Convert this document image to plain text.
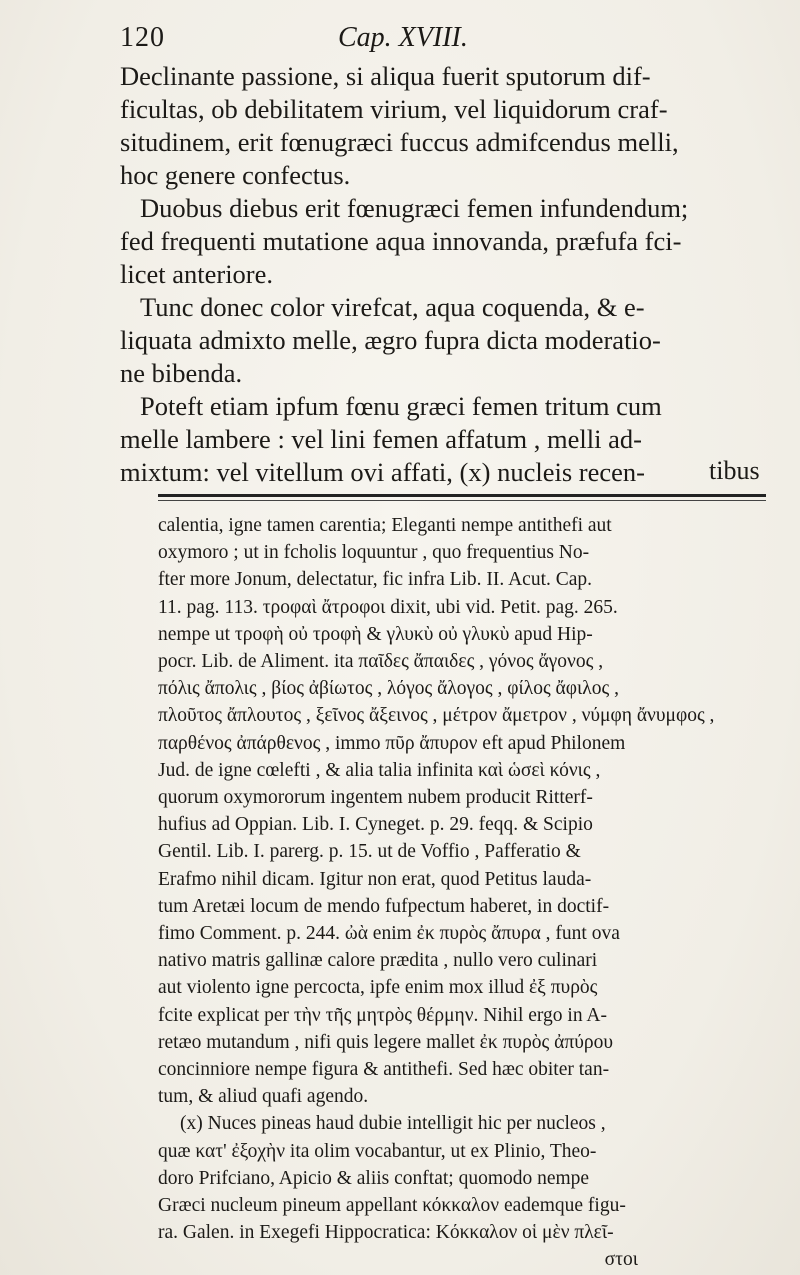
120	Cap. XVIII.
Declinante passione, si aliqua fuerit sputorum dif-
ficultas, ob debilitatem virium, vel liquidorum craf-
situdinem, erit fœnugræci fuccus admifcendus melli,
hoc genere confectus.
Duobus diebus erit fœnugræci femen infundendum;
fed frequenti mutatione aqua innovanda, præfufa fci-
licet anteriore.
Tunc donec color virefcat, aqua coquenda, & e-
liquata admixto melle, ægro fupra dicta moderatio-
ne bibenda.
Poteft etiam ipfum fœnu græci femen tritum cum
melle lambere : vel lini femen affatum , melli ad-
mixtum: vel vitellum ovi affati, (x) nucleis recen-	tibus
calentia, igne tamen carentia; Eleganti nempe antithefi aut
oxymoro ; ut in fcholis loquuntur , quo frequentius No-
fter more Jonum, delectatur, fic infra Lib. II. Acut. Cap.
11. pag. 113. τροφαὶ ἄτροφοι dixit, ubi vid. Petit. pag. 265.
nempe ut τροφὴ οὐ τροφὴ & γλυκὺ οὐ γλυκὺ apud Hip-
pocr. Lib. de Aliment. ita παῖδες ἄπαιδες , γόνος ἄγονος ,
πόλις ἄπολις , βίος ἀβίωτος , λόγος ἄλογος , φίλος ἄφιλος ,
πλοῦτος ἄπλουτος , ξεῖνος ἄξεινος , μέτρον ἄμετρον , νύμφη ἄνυμφος ,
παρθένος ἀπάρθενος , immo πῦρ ἄπυρον eft apud Philonem
Jud. de igne cœlefti , & alia talia infinita καὶ ὡσεὶ κόνις ,
quorum oxymororum ingentem nubem producit Ritterf-
hufius ad Oppian. Lib. I. Cyneget. p. 29. feqq. & Scipio
Gentil. Lib. I. parerg. p. 15. ut de Voffio , Pafferatio &
Erafmo nihil dicam. Igitur non erat, quod Petitus lauda-
tum Aretæi locum de mendo fufpectum haberet, in doctif-
fimo Comment. p. 244. ὠὰ enim ἐκ πυρὸς ἄπυρα , funt ova
nativo matris gallinæ calore prædita , nullo vero culinari
aut violento igne percocta, ipfe enim mox illud ἐξ πυρὸς
fcite explicat per τὴν τῆς μητρὸς θέρμην. Nihil ergo in A-
retæo mutandum , nifi quis legere mallet ἐκ πυρὸς ἀπύρου
concinniore nempe figura & antithefi. Sed hæc obiter tan-
tum, & aliud quafi agendo.
(x) Nuces pineas haud dubie intelligit hic per nucleos ,
quæ κατ' ἐξοχὴν ita olim vocabantur, ut ex Plinio, Theo-
doro Prifciano, Apicio & aliis conftat; quomodo nempe
Græci nucleum pineum appellant κόκκαλον eademque figu-
ra. Galen. in Exegefi Hippocratica: Κόκκαλον οἱ μὲν πλεῖ-
στοι
